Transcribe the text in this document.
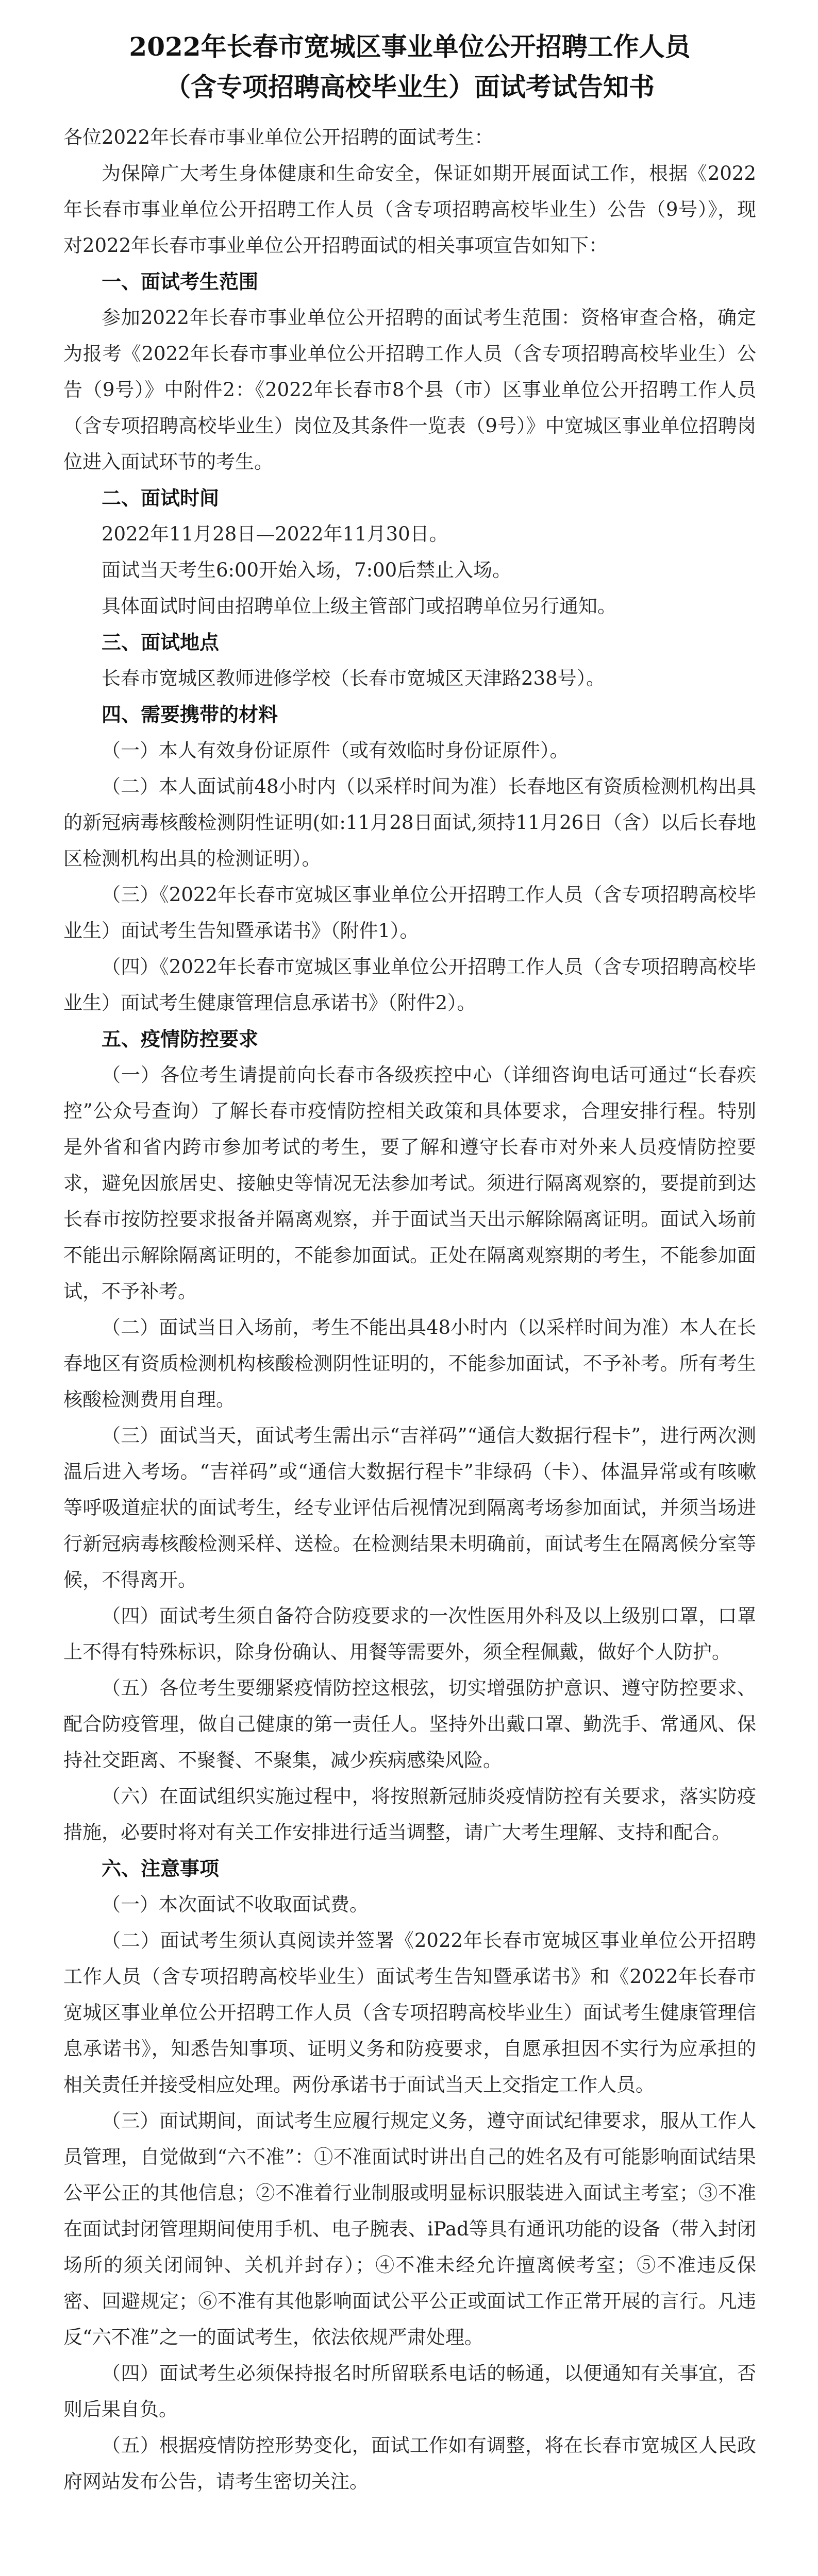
2022年长春市宽城区事业单位公开招聘工作人员
（含专项招聘高校毕业生）面试考试告知书

各位2022年长春市事业单位公开招聘的面试考生：

为保障广大考生身体健康和生命安全，保证如期开展面试工作，根据《2022年长春市事业单位公开招聘工作人员（含专项招聘高校毕业生）公告（9号）》，现对2022年长春市事业单位公开招聘面试的相关事项宣告如知下：

一、面试考生范围

参加2022年长春市事业单位公开招聘的面试考生范围：资格审查合格，确定为报考《2022年长春市事业单位公开招聘工作人员（含专项招聘高校毕业生）公告（9号）》中附件2：《2022年长春市8个县（市）区事业单位公开招聘工作人员（含专项招聘高校毕业生）岗位及其条件一览表（9号）》中宽城区事业单位招聘岗位进入面试环节的考生。

二、面试时间

2022年11月28日—2022年11月30日。

面试当天考生6:00开始入场，7:00后禁止入场。

具体面试时间由招聘单位上级主管部门或招聘单位另行通知。

三、面试地点

长春市宽城区教师进修学校（长春市宽城区天津路238号）。

四、需要携带的材料

（一）本人有效身份证原件（或有效临时身份证原件）。

（二）本人面试前48小时内（以采样时间为准）长春地区有资质检测机构出具的新冠病毒核酸检测阴性证明(如:11月28日面试,须持11月26日（含）以后长春地区检测机构出具的检测证明）。

（三）《2022年长春市宽城区事业单位公开招聘工作人员（含专项招聘高校毕业生）面试考生告知暨承诺书》（附件1）。

（四）《2022年长春市宽城区事业单位公开招聘工作人员（含专项招聘高校毕业生）面试考生健康管理信息承诺书》（附件2）。

五、疫情防控要求

（一）各位考生请提前向长春市各级疾控中心（详细咨询电话可通过“长春疾控”公众号查询）了解长春市疫情防控相关政策和具体要求，合理安排行程。特别是外省和省内跨市参加考试的考生，要了解和遵守长春市对外来人员疫情防控要求，避免因旅居史、接触史等情况无法参加考试。须进行隔离观察的，要提前到达长春市按防控要求报备并隔离观察，并于面试当天出示解除隔离证明。面试入场前不能出示解除隔离证明的，不能参加面试。正处在隔离观察期的考生，不能参加面试，不予补考。

（二）面试当日入场前，考生不能出具48小时内（以采样时间为准）本人在长春地区有资质检测机构核酸检测阴性证明的，不能参加面试，不予补考。所有考生核酸检测费用自理。

（三）面试当天，面试考生需出示“吉祥码”“通信大数据行程卡”，进行两次测温后进入考场。“吉祥码”或“通信大数据行程卡”非绿码（卡）、体温异常或有咳嗽等呼吸道症状的面试考生，经专业评估后视情况到隔离考场参加面试，并须当场进行新冠病毒核酸检测采样、送检。在检测结果未明确前，面试考生在隔离候分室等候，不得离开。

（四）面试考生须自备符合防疫要求的一次性医用外科及以上级别口罩，口罩上不得有特殊标识，除身份确认、用餐等需要外，须全程佩戴，做好个人防护。

（五）各位考生要绷紧疫情防控这根弦，切实增强防护意识、遵守防控要求、配合防疫管理，做自己健康的第一责任人。坚持外出戴口罩、勤洗手、常通风、保持社交距离、不聚餐、不聚集，减少疾病感染风险。

（六）在面试组织实施过程中，将按照新冠肺炎疫情防控有关要求，落实防疫措施，必要时将对有关工作安排进行适当调整，请广大考生理解、支持和配合。

六、注意事项

（一）本次面试不收取面试费。

（二）面试考生须认真阅读并签署《2022年长春市宽城区事业单位公开招聘工作人员（含专项招聘高校毕业生）面试考生告知暨承诺书》和《2022年长春市宽城区事业单位公开招聘工作人员（含专项招聘高校毕业生）面试考生健康管理信息承诺书》，知悉告知事项、证明义务和防疫要求，自愿承担因不实行为应承担的相关责任并接受相应处理。两份承诺书于面试当天上交指定工作人员。

（三）面试期间，面试考生应履行规定义务，遵守面试纪律要求，服从工作人员管理，自觉做到“六不准”：①不准面试时讲出自己的姓名及有可能影响面试结果公平公正的其他信息；②不准着行业制服或明显标识服装进入面试主考室；③不准在面试封闭管理期间使用手机、电子腕表、iPad等具有通讯功能的设备（带入封闭场所的须关闭闹钟、关机并封存）；④不准未经允许擅离候考室；⑤不准违反保密、回避规定；⑥不准有其他影响面试公平公正或面试工作正常开展的言行。凡违反“六不准”之一的面试考生，依法依规严肃处理。

（四）面试考生必须保持报名时所留联系电话的畅通，以便通知有关事宜，否则后果自负。

（五）根据疫情防控形势变化，面试工作如有调整，将在长春市宽城区人民政府网站发布公告，请考生密切关注。
